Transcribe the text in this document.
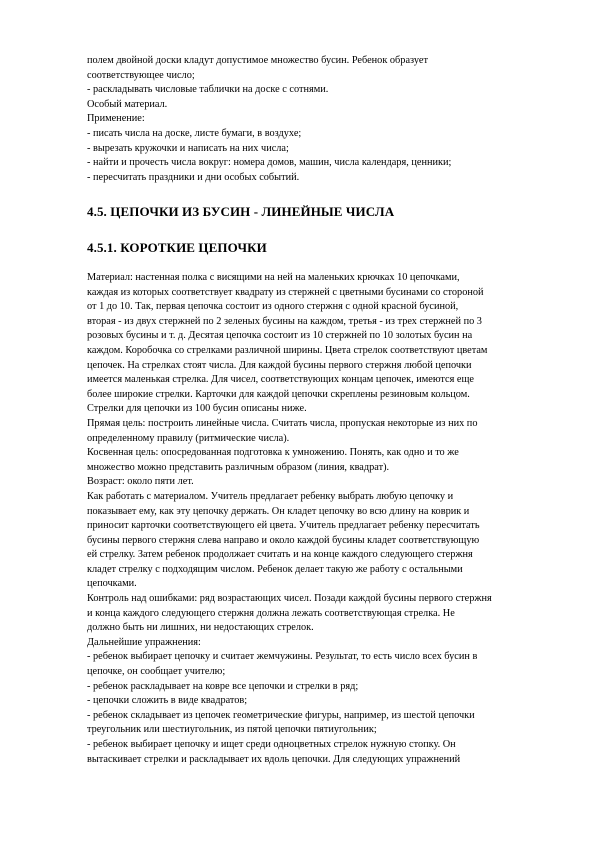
полем двойной доски кладут допустимое множество бусин. Ребенок образует
соответствующее число;
- раскладывать числовые таблички на доске с сотнями.
Особый материал.
Применение:
- писать числа на доске, листе бумаги, в воздухе;
- вырезать кружочки и написать на них числа;
- найти и прочесть числа вокруг: номера домов, машин, числа календаря, ценники;
- пересчитать праздники и дни особых событий.
4.5. ЦЕПОЧКИ ИЗ БУСИН - ЛИНЕЙНЫЕ ЧИСЛА
4.5.1. КОРОТКИЕ ЦЕПОЧКИ
Материал: настенная полка с висящими на ней на маленьких крючках 10 цепочками,
каждая из которых соответствует квадрату из стержней с цветными бусинами со стороной
от 1 до 10. Так, первая цепочка состоит из одного стержня с одной красной бусиной,
вторая - из двух стержней по 2 зеленых бусины на каждом, третья - из трех стержней по 3
розовых бусины и т. д. Десятая цепочка состоит из 10 стержней по 10 золотых бусин на
каждом. Коробочка со стрелками различной ширины. Цвета стрелок соответствуют цветам
цепочек. На стрелках стоят числа. Для каждой бусины первого стержня любой цепочки
имеется маленькая стрелка. Для чисел, соответствующих концам цепочек, имеются еще
более широкие стрелки. Карточки для каждой цепочки скреплены резиновым кольцом.
Стрелки для цепочки из 100 бусин описаны ниже.
Прямая цель: построить линейные числа. Считать числа, пропуская некоторые из них по
определенному правилу (ритмические числа).
Косвенная цель: опосредованная подготовка к умножению. Понять, как одно и то же
множество можно представить различным образом (линия, квадрат).
Возраст: около пяти лет.
Как работать с материалом. Учитель предлагает ребенку выбрать любую цепочку и
показывает ему, как эту цепочку держать. Он кладет цепочку во всю длину на коврик и
приносит карточки соответствующего ей цвета. Учитель предлагает ребенку пересчитать
бусины первого стержня слева направо и около каждой бусины кладет соответствующую
ей стрелку. Затем ребенок продолжает считать и на конце каждого следующего стержня
кладет стрелку с подходящим числом. Ребенок делает такую же работу с остальными
цепочками.
Контроль над ошибками: ряд возрастающих чисел. Позади каждой бусины первого стержня
и конца каждого следующего стержня должна лежать соответствующая стрелка. Не
должно быть ни лишних, ни недостающих стрелок.
Дальнейшие упражнения:
- ребенок выбирает цепочку и считает жемчужины. Результат, то есть число всех бусин в
цепочке, он сообщает учителю;
- ребенок раскладывает на ковре все цепочки и стрелки в ряд;
- цепочки сложить в виде квадратов;
- ребенок складывает из цепочек геометрические фигуры, например, из шестой цепочки
треугольник или шестиугольник, из пятой цепочки пятиугольник;
- ребенок выбирает цепочку и ищет среди одноцветных стрелок нужную стопку. Он
вытаскивает стрелки и раскладывает их вдоль цепочки. Для следующих упражнений
